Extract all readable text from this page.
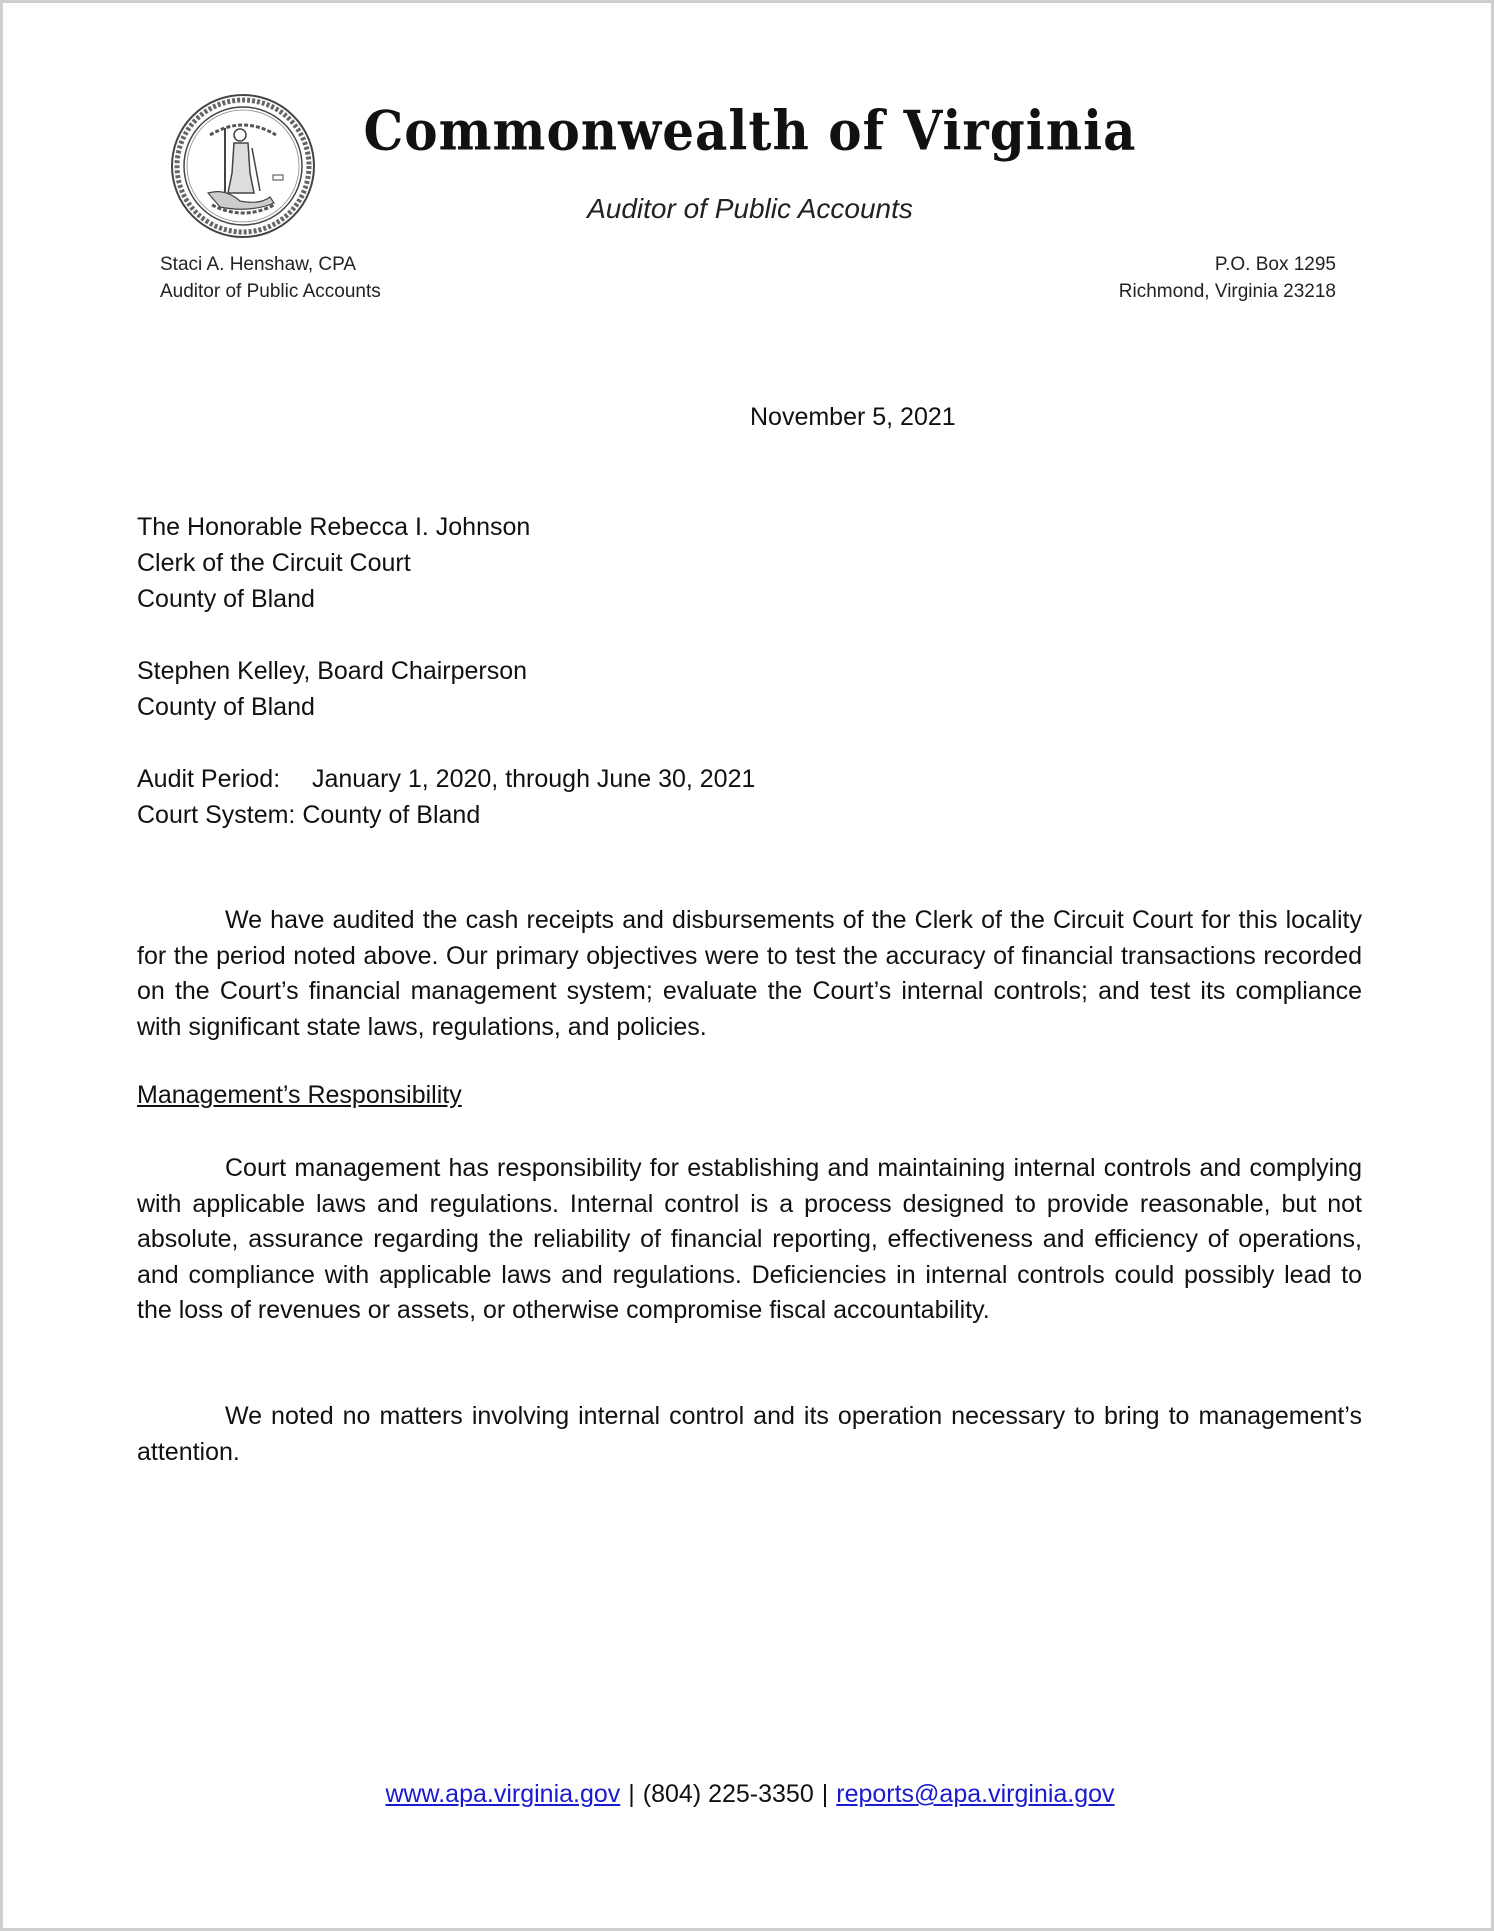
Commonwealth of Virginia
Auditor of Public Accounts
Staci A. Henshaw, CPA
Auditor of Public Accounts
P.O. Box 1295
Richmond, Virginia 23218
November 5, 2021
The Honorable Rebecca I. Johnson
Clerk of the Circuit Court
County of Bland
Stephen Kelley, Board Chairperson
County of Bland
Audit Period: January 1, 2020, through June 30, 2021
Court System: County of Bland

We have audited the cash receipts and disbursements of the Clerk of the Circuit Court for this locality for the period noted above. Our primary objectives were to test the accuracy of financial transactions recorded on the Court’s financial management system; evaluate the Court’s internal controls; and test its compliance with significant state laws, regulations, and policies.

Management’s Responsibility

Court management has responsibility for establishing and maintaining internal controls and complying with applicable laws and regulations. Internal control is a process designed to provide reasonable, but not absolute, assurance regarding the reliability of financial reporting, effectiveness and efficiency of operations, and compliance with applicable laws and regulations. Deficiencies in internal controls could possibly lead to the loss of revenues or assets, or otherwise compromise fiscal accountability.

We noted no matters involving internal control and its operation necessary to bring to management’s attention.

www.apa.virginia.gov | (804) 225-3350 | reports@apa.virginia.gov
